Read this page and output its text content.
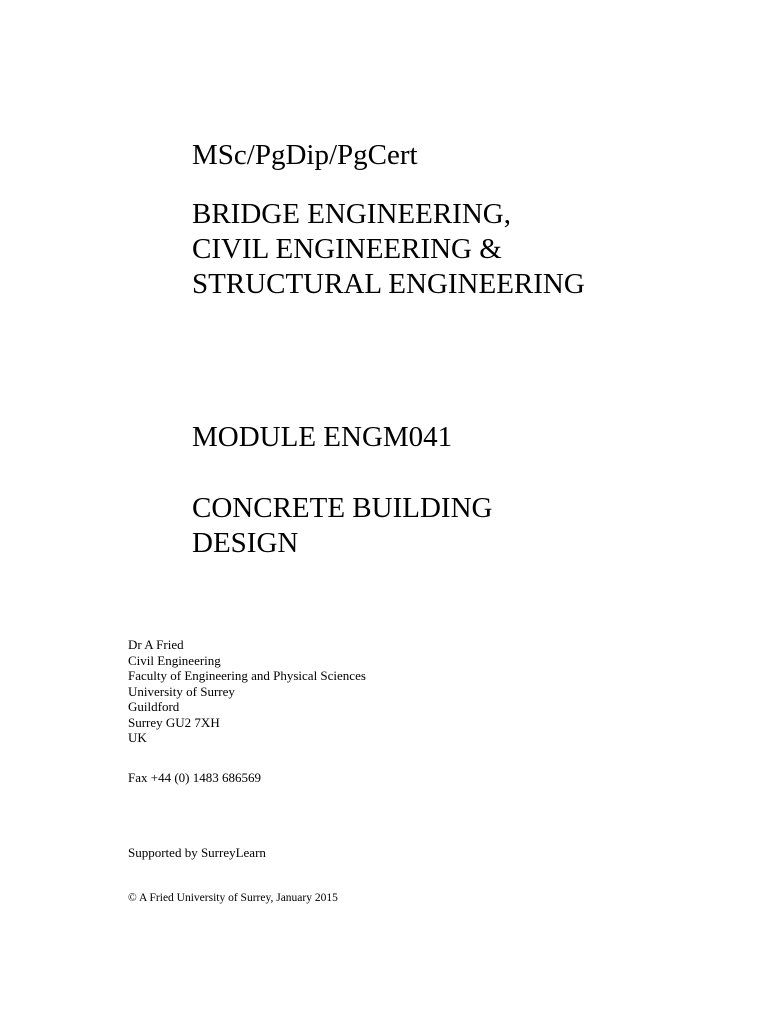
MSc/PgDip/PgCert
BRIDGE ENGINEERING,
CIVIL ENGINEERING &
STRUCTURAL ENGINEERING
MODULE ENGM041
CONCRETE BUILDING
DESIGN
Dr A Fried
Civil Engineering
Faculty of Engineering and Physical Sciences
University of Surrey
Guildford
Surrey GU2 7XH
UK
Fax +44 (0) 1483 686569
Supported by SurreyLearn
© A Fried University of Surrey, January 2015
